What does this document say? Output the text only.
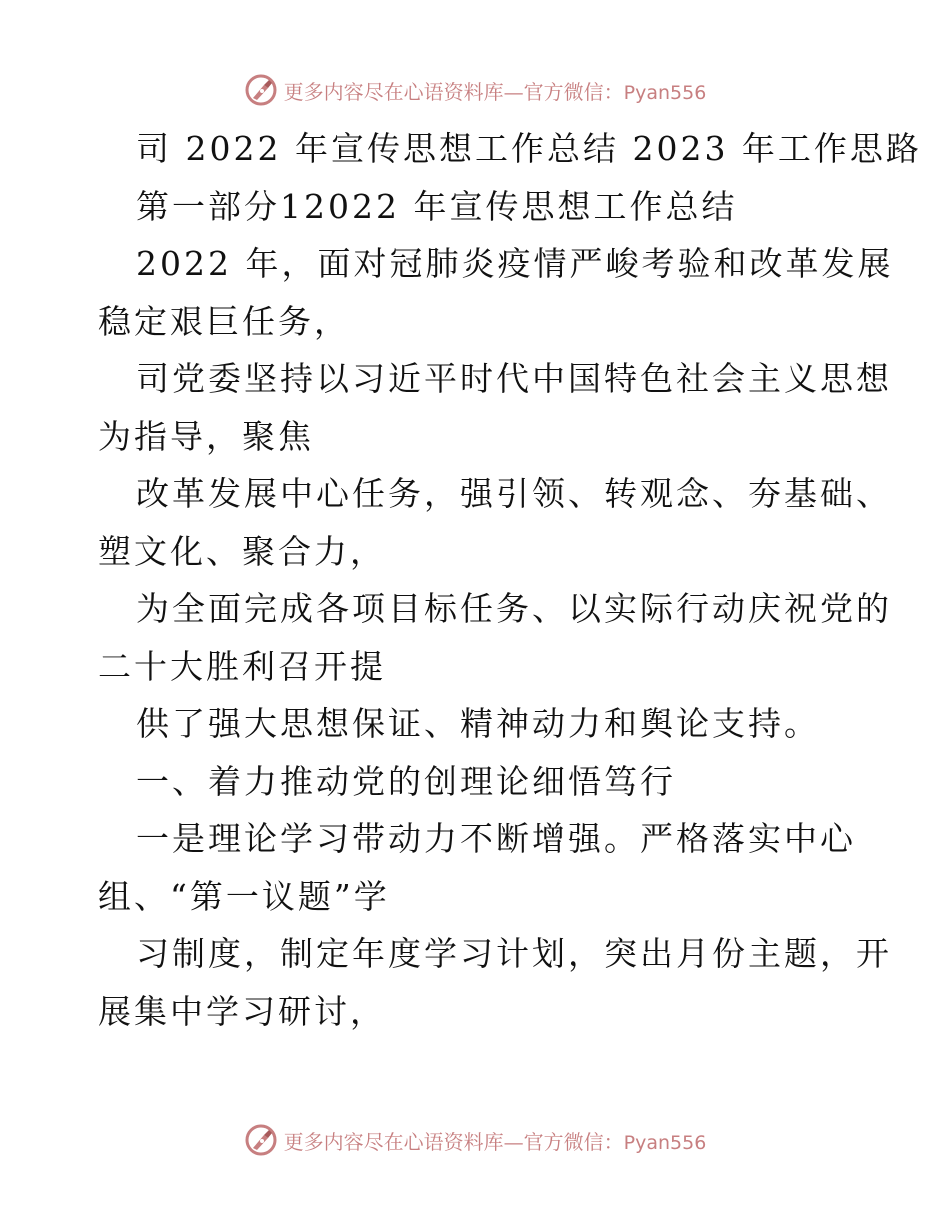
更多内容尽在心语资料库—官方微信：Pyan556
司 2022 年宣传思想工作总结 2023 年工作思路
第一部分12022 年宣传思想工作总结
2022 年，面对冠肺炎疫情严峻考验和改革发展
稳定艰巨任务，
司党委坚持以习近平时代中国特色社会主义思想
为指导，聚焦
改革发展中心任务，强引领、转观念、夯基础、
塑文化、聚合力，
为全面完成各项目标任务、以实际行动庆祝党的
二十大胜利召开提
供了强大思想保证、精神动力和舆论支持。
一、着力推动党的创理论细悟笃行
一是理论学习带动力不断增强。严格落实中心
组、“第一议题”学
习制度，制定年度学习计划，突出月份主题，开
展集中学习研讨，
更多内容尽在心语资料库—官方微信：Pyan556
